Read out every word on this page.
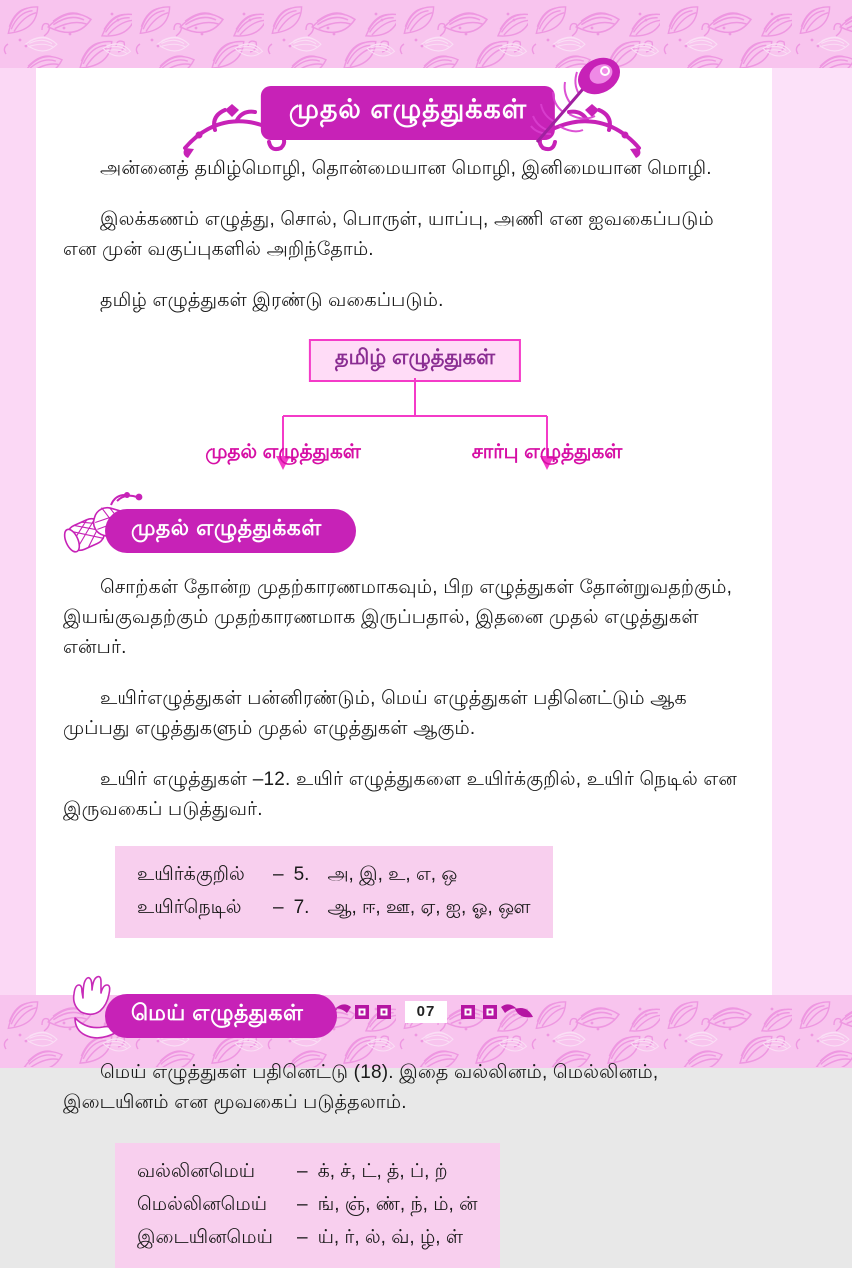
07
முதல் எழுத்துக்கள்

அன்னைத் தமிழ்மொழி, தொன்மையான மொழி, இனிமையான மொழி.

இலக்கணம் எழுத்து, சொல், பொருள், யாப்பு, அணி என ஐவகைப்படும் என முன் வகுப்புகளில் அறிந்தோம்.

தமிழ் எழுத்துகள் இரண்டு வகைப்படும்.

தமிழ் எழுத்துகள்
முதல் எழுத்துகள்	சார்பு எழுத்துகள்
முதல் எழுத்துக்கள்

சொற்கள் தோன்ற முதற்காரணமாகவும், பிற எழுத்துகள் தோன்றுவதற்கும், இயங்குவதற்கும் முதற்காரணமாக இருப்பதால், இதனை முதல் எழுத்துகள் என்பர்.

உயிர்எழுத்துகள் பன்னிரண்டும், மெய் எழுத்துகள் பதினெட்டும் ஆக முப்பது எழுத்துகளும் முதல் எழுத்துகள் ஆகும்.

உயிர் எழுத்துகள் –12. உயிர் எழுத்துகளை உயிர்க்குறில், உயிர் நெடில் என இருவகைப் படுத்துவர்.

உயிர்க்குறில்	– 5. அ, இ, உ, எ, ஒ
உயிர்நெடில்	– 7. ஆ, ஈ, ஊ, ஏ, ஐ, ஓ, ஔ
மெய் எழுத்துகள்

மெய் எழுத்துகள் பதினெட்டு (18). இதை வல்லினம், மெல்லினம், இடையினம் என மூவகைப் படுத்தலாம்.

வல்லினமெய்	– க், ச், ட், த், ப், ற்
மெல்லினமெய்	– ங், ஞ், ண், ந், ம், ன்
இடையினமெய்	– ய், ர், ல், வ், ழ், ள்
